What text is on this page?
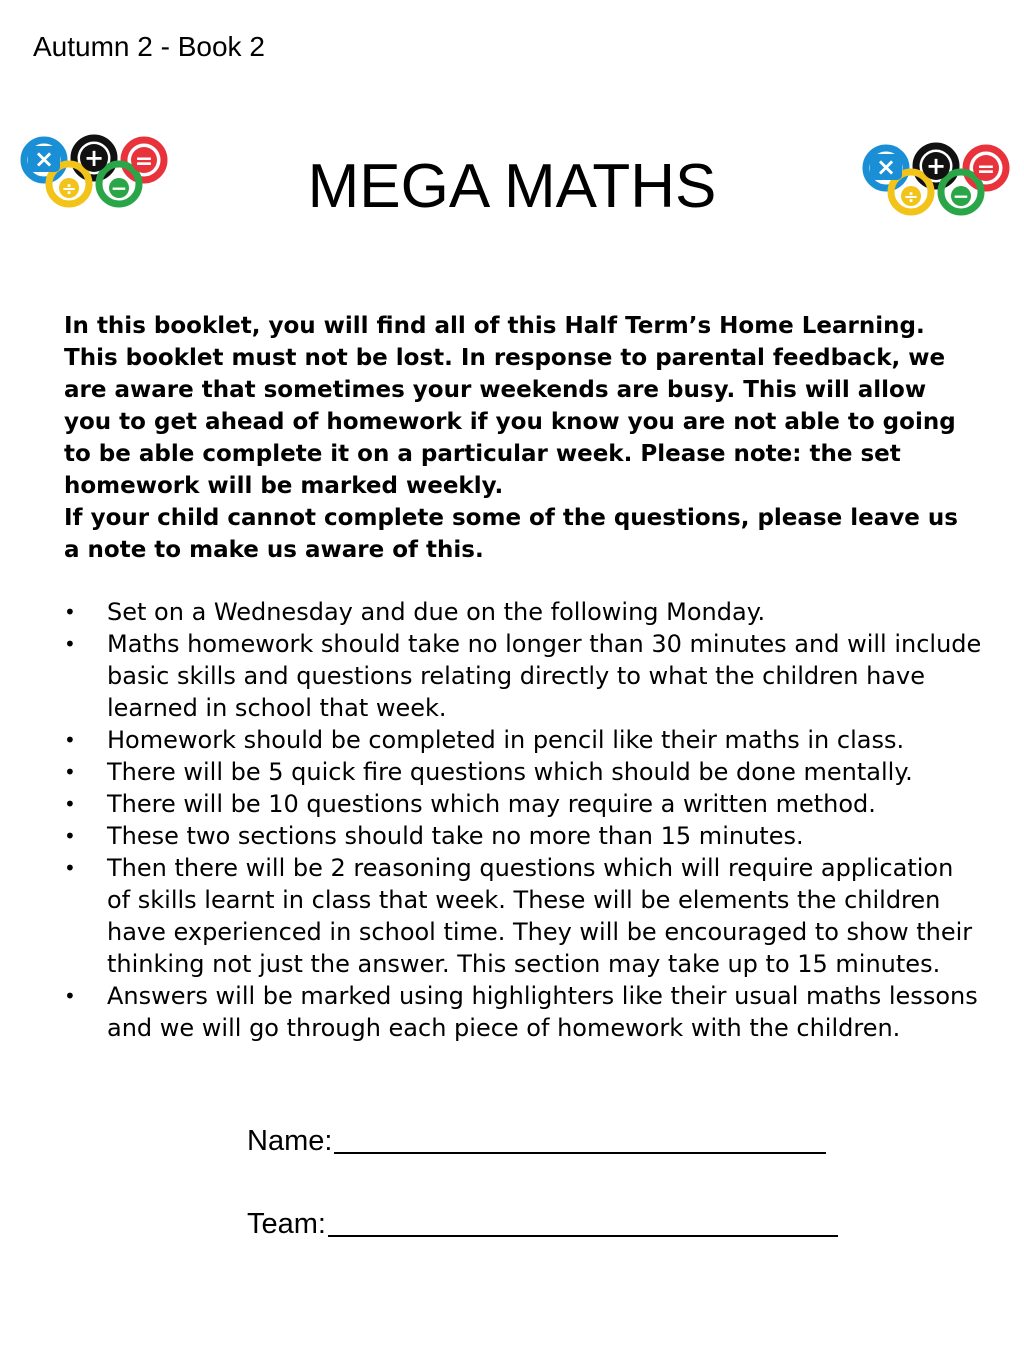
Autumn 2 - Book 2
× + =
÷ −	MEGA MATHS	× + =
÷ −

In this booklet, you will find all of this Half Term’s Home Learning. This booklet must not be lost. In response to parental feedback, we are aware that sometimes your weekends are busy. This will allow you to get ahead of homework if you know you are not able to going to be able complete it on a particular week. Please note: the set homework will be marked weekly.

If your child cannot complete some of the questions, please leave us a note to make us aware of this.

• Set on a Wednesday and due on the following Monday.
• Maths homework should take no longer than 30 minutes and will include basic skills and questions relating directly to what the children have learned in school that week.
• Homework should be completed in pencil like their maths in class.
• There will be 5 quick fire questions which should be done mentally.
• There will be 10 questions which may require a written method.
• These two sections should take no more than 15 minutes.
• Then there will be 2 reasoning questions which will require application of skills learnt in class that week. These will be elements the children have experienced in school time. They will be encouraged to show their thinking not just the answer. This section may take up to 15 minutes.
• Answers will be marked using highlighters like their usual maths lessons and we will go through each piece of homework with the children.
Name:
Team:
